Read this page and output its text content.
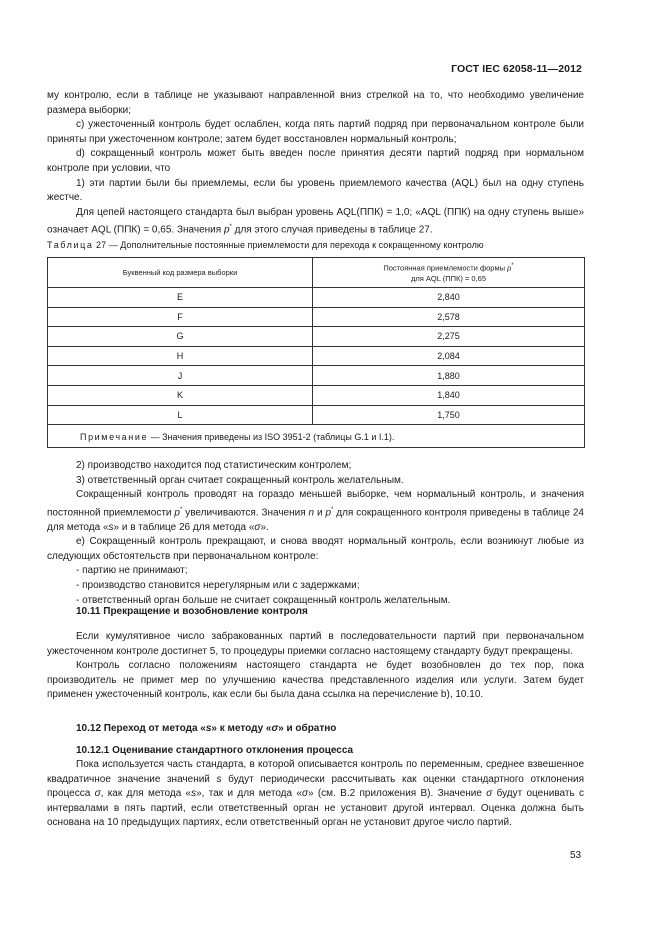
ГОСТ IEC 62058-11—2012

му контролю, если в таблице не указывают направленной вниз стрелкой на то, что необходимо увеличение размера выборки;

c) ужесточенный контроль будет ослаблен, когда пять партий подряд при первоначальном контроле были приняты при ужесточенном контроле; затем будет восстановлен нормальный контроль;

d) сокращенный контроль может быть введен после принятия десяти партий подряд при нормальном контроле при условии, что

1) эти партии были бы приемлемы, если бы уровень приемлемого качества (AQL) был на одну ступень жестче.

Для цепей настоящего стандарта был выбран уровень AQL(ППК) = 1,0; «AQL (ППК) на одну ступень выше» означает AQL (ППК) = 0,65. Значения p* для этого случая приведены в таблице 27.

Таблица 27 — Дополнительные постоянные приемлемости для перехода к сокращенному контролю
Буквенный код размера выборки	Постоянная приемлемости формы p*
для AQL (ППК) = 0,65
E	2,840
F	2,578
G	2,275
H	2,084
J	1,880
K	1,840
L	1,750

Примечание — Значения приведены из ISO 3951-2 (таблицы G.1 и I.1).

2) производство находится под статистическим контролем;

3) ответственный орган считает сокращенный контроль желательным.

Сокращенный контроль проводят на гораздо меньшей выборке, чем нормальный контроль, и значения постоянной приемлемости p* увеличиваются. Значения n и p* для сокращенного контроля приведены в таблице 24 для метода «s» и в таблице 26 для метода «σ».

e) Сокращенный контроль прекращают, и снова вводят нормальный контроль, если возникнут любые из следующих обстоятельств при первоначальном контроле:

- партию не принимают;

- производство становится нерегулярным или с задержками;

- ответственный орган больше не считает сокращенный контроль желательным.

10.11 Прекращение и возобновление контроля

Если кумулятивное число забракованных партий в последовательности партий при первоначальном ужесточенном контроле достигнет 5, то процедуры приемки согласно настоящему стандарту будут прекращены.

Контроль согласно положениям настоящего стандарта не будет возобновлен до тех пор, пока производитель не примет мер по улучшению качества представленного изделия или услуги. Затем будет применен ужесточенный контроль, как если бы была дана ссылка на перечисление b), 10.10.

10.12 Переход от метода «s» к методу «σ» и обратно
10.12.1 Оценивание стандартного отклонения процесса

Пока используется часть стандарта, в которой описывается контроль по переменным, среднее взвешенное квадратичное значение значений s будут периодически рассчитывать как оценки стандартного отклонения процесса σ, как для метода «s», так и для метода «σ» (см. В.2 приложения В). Значение σ будут оценивать с интервалами в пять партий, если ответственный орган не установит другой интервал. Оценка должна быть основана на 10 предыдущих партиях, если ответственный орган не установит другое число партий.

53
